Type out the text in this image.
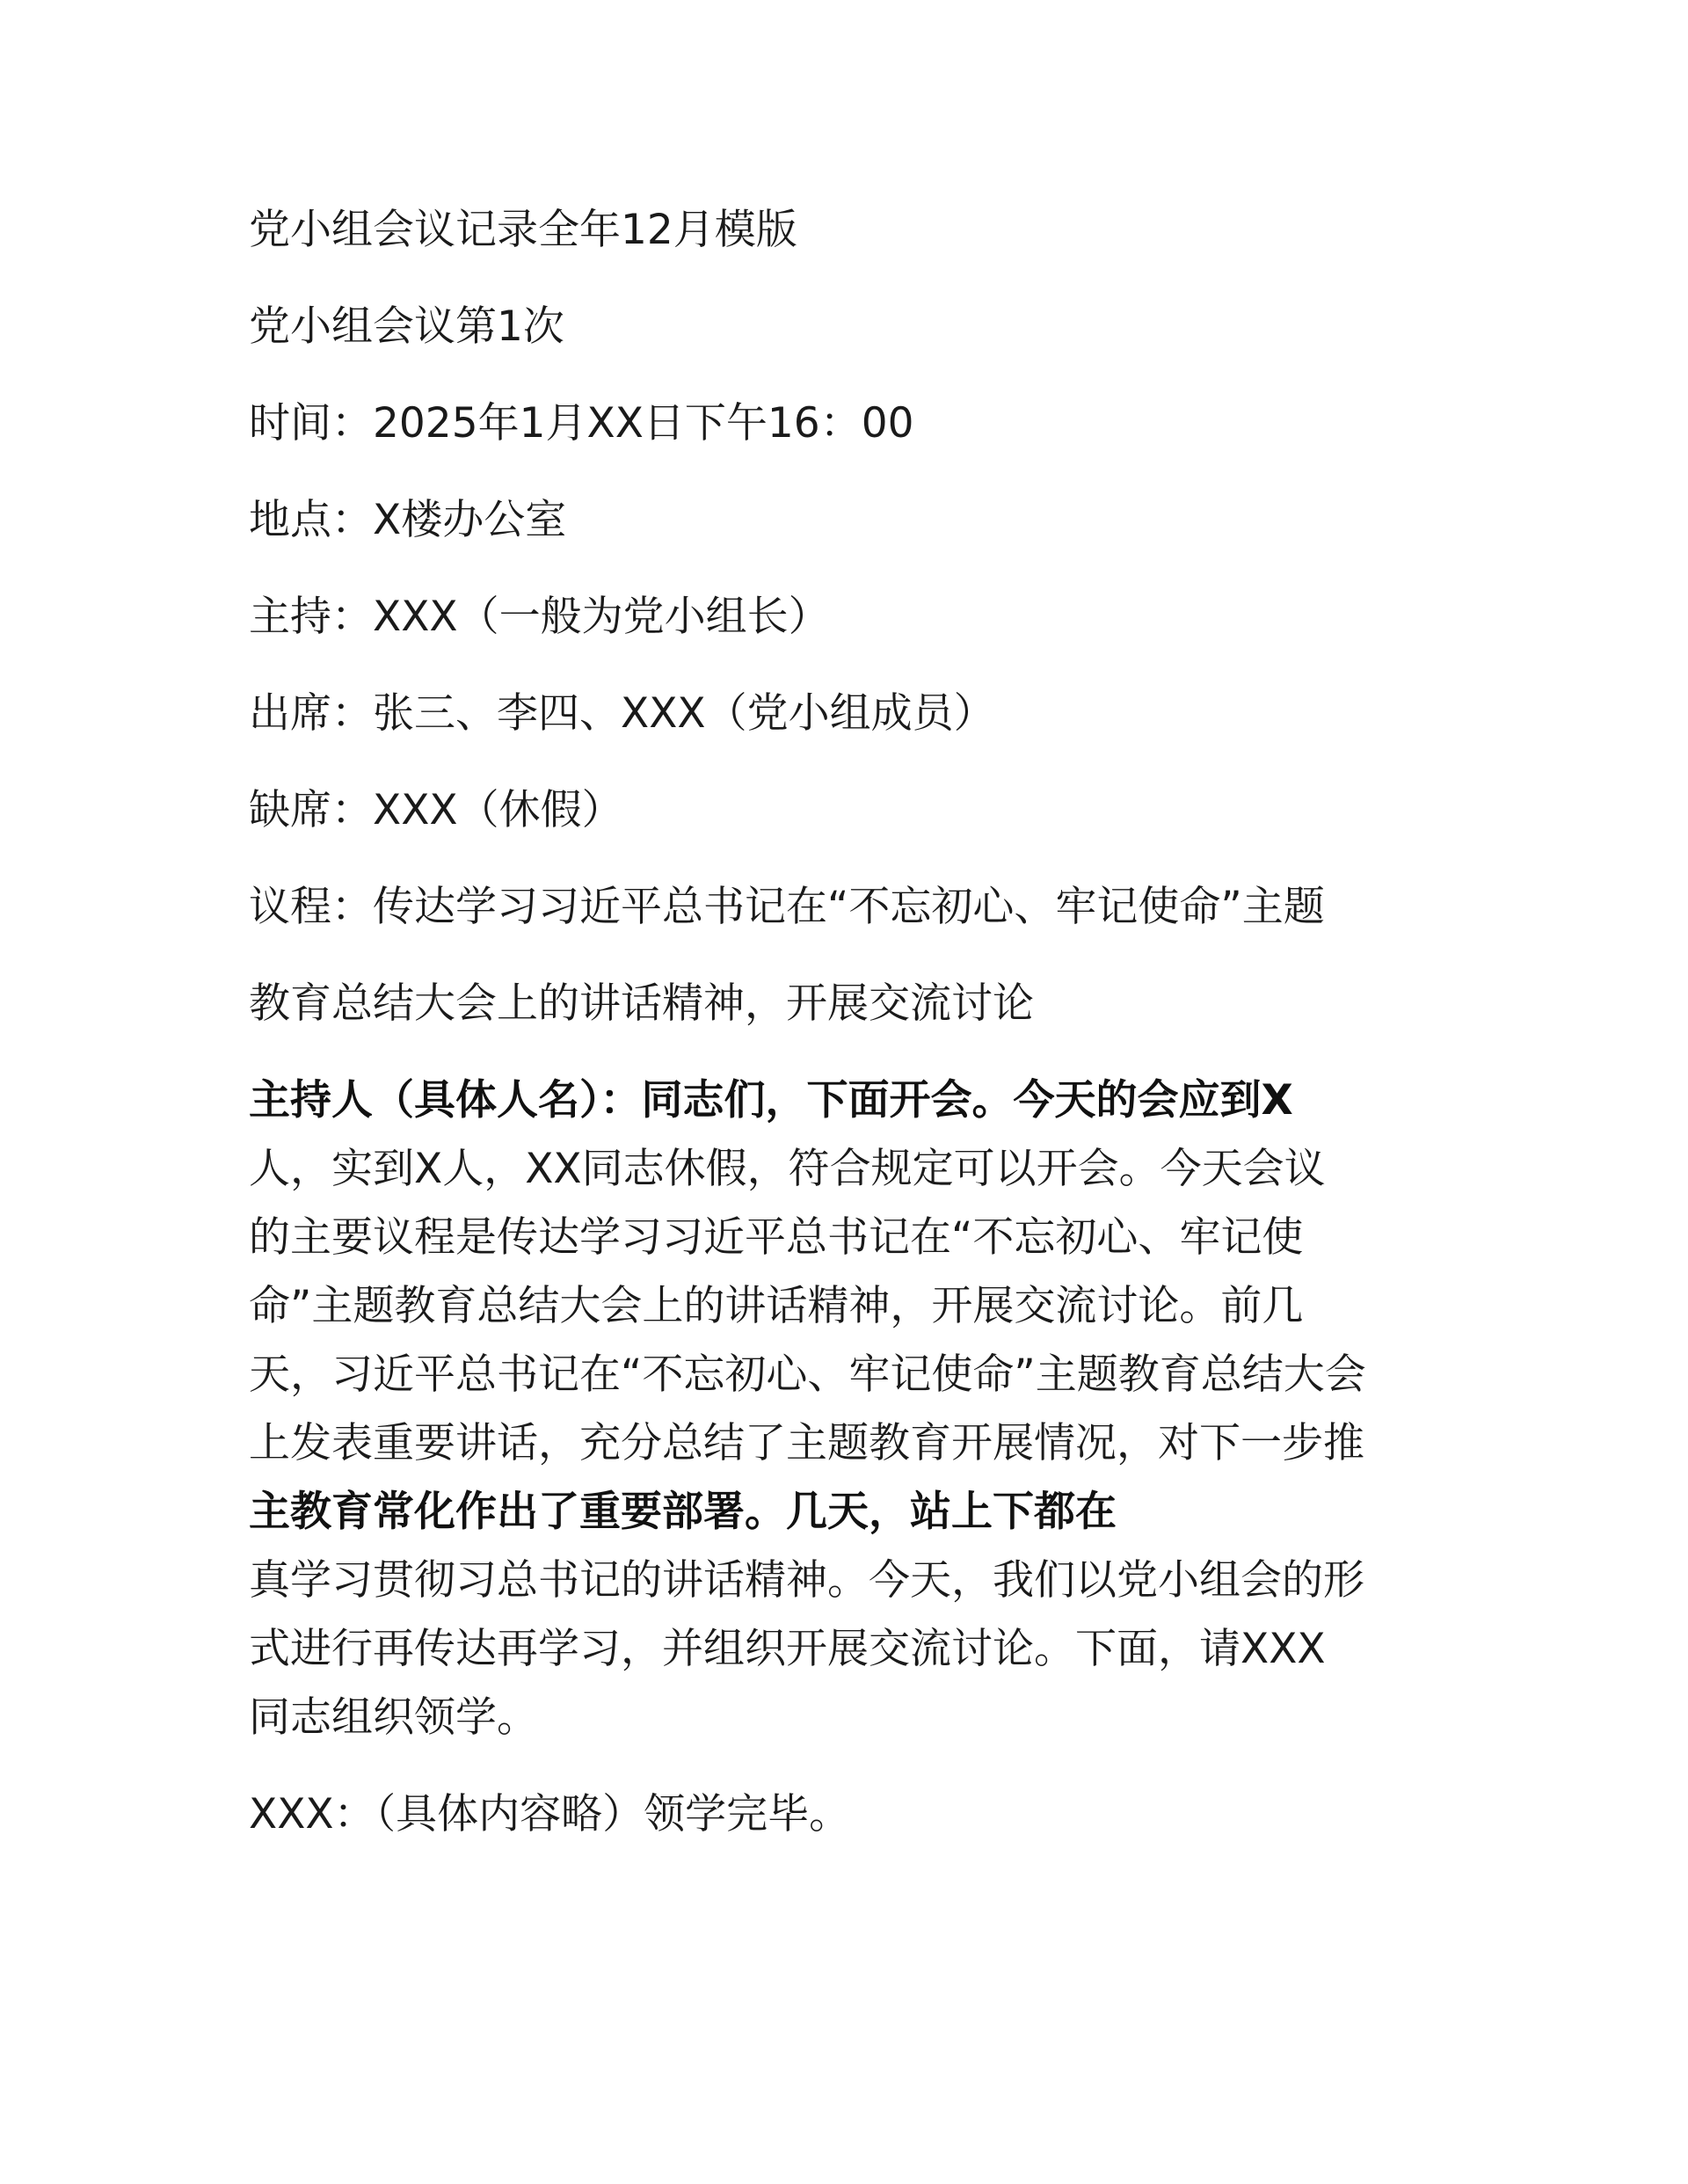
党小组会议记录全年12月模版

党小组会议第1次

时间：2025年1月XX日下午16：00

地点：X楼办公室

主持：XXX（一般为党小组长）

出席：张三、李四、XXX（党小组成员）

缺席：XXX（休假）

议程：传达学习习近平总书记在“不忘初心、牢记使命”主题

教育总结大会上的讲话精神，开展交流讨论

主持人（具体人名）：同志们，下面开会。今天的会应到X

人，实到X人，XX同志休假，符合规定可以开会。今天会议

的主要议程是传达学习习近平总书记在“不忘初心、牢记使

命”主题教育总结大会上的讲话精神，开展交流讨论。前几

天，习近平总书记在“不忘初心、牢记使命”主题教育总结大会

上发表重要讲话，充分总结了主题教育开展情况，对下一步推

主教育常化作出了重要部署。几天，站上下都在

真学习贯彻习总书记的讲话精神。今天，我们以党小组会的形

式进行再传达再学习，并组织开展交流讨论。下面，请XXX

同志组织领学。

XXX：（具体内容略）领学完毕。
